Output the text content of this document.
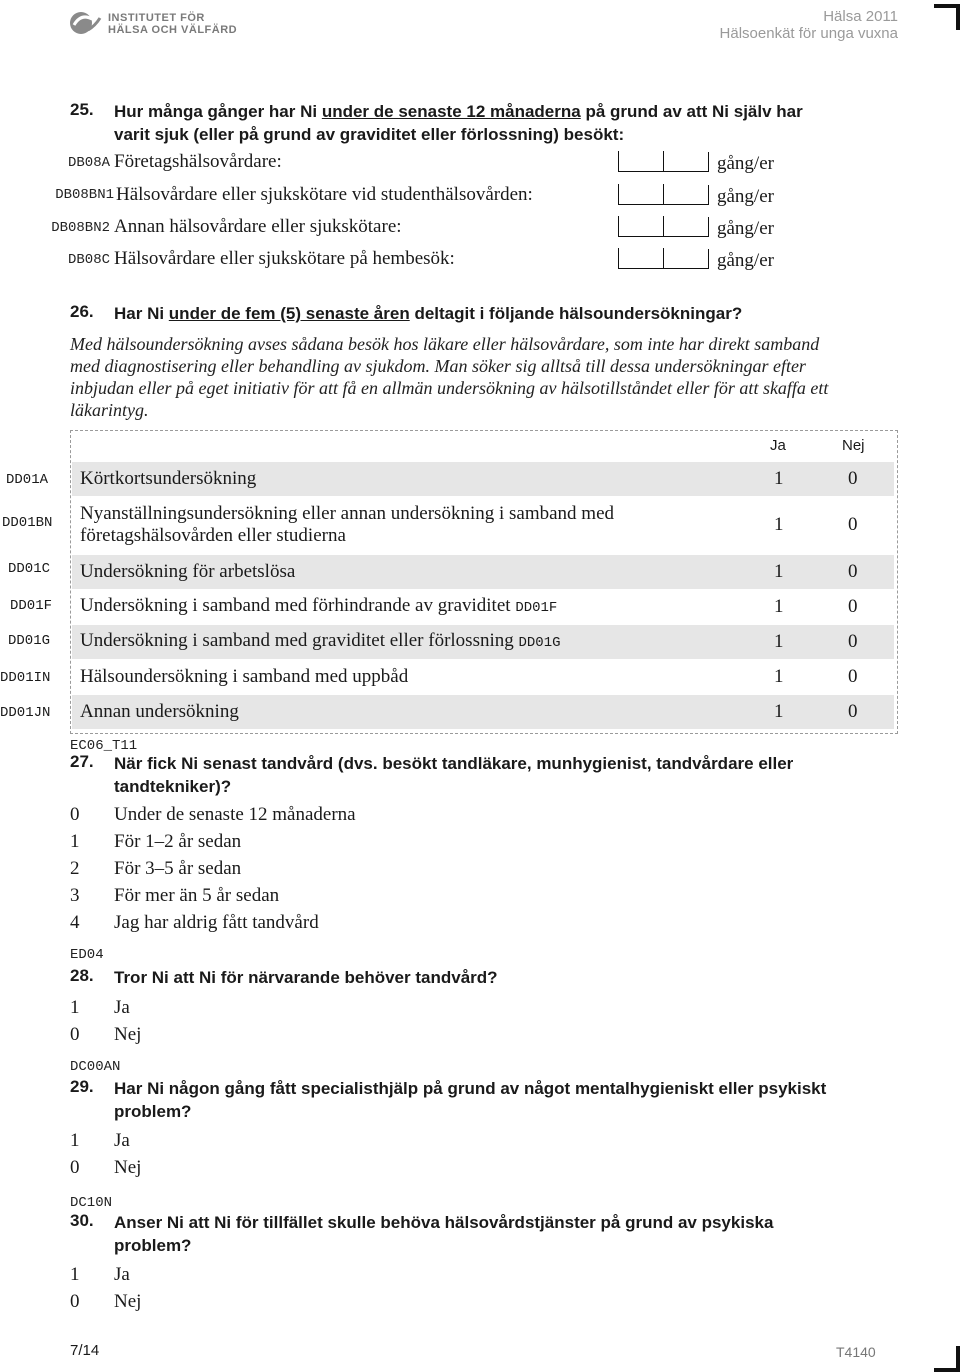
INSTITUTET FÖR
HÄLSA OCH VÄLFÄRD
Hälsa 2011
Hälsoenkät för unga vuxna
25. Hur många gånger har Ni under de senaste 12 månaderna på grund av att Ni själv har
varit sjuk (eller på grund av graviditet eller förlossning) besökt:
DB08A Företagshälsovårdare:	gång/er
DB08BN1 Hälsovårdare eller sjukskötare vid studenthälsovården:	gång/er
DB08BN2 Annan hälsovårdare eller sjukskötare:	gång/er
DB08C Hälsovårdare eller sjukskötare på hembesök:	gång/er
26. Har Ni under de fem (5) senaste åren deltagit i följande hälsoundersökningar?
Med hälsoundersökning avses sådana besök hos läkare eller hälsovårdare, som inte har direkt samband
med diagnostisering eller behandling av sjukdom. Man söker sig alltså till dessa undersökningar efter
inbjudan eller på eget initiativ för att få en allmän undersökning av hälsotillståndet eller för att skaffa ett
läkarintyg.
Ja	Nej
DD01A	Körtkortsundersökning	1	0
DD01BN	Nyanställningsundersökning eller annan undersökning i samband med
företagshälsovården eller studierna
1	0
DD01C	Undersökning för arbetslösa	1	0
DD01F	Undersökning i samband med förhindrande av graviditet DD01F	1	0
DD01G	Undersökning i samband med graviditet eller förlossning DD01G	1	0
DD01IN	Hälsoundersökning i samband med uppbåd	1	0
DD01JN	Annan undersökning	1	0
EC06_T11
27. När fick Ni senast tandvård (dvs. besökt tandläkare, munhygienist, tandvårdare eller
tandtekniker)?
0 Under de senaste 12 månaderna
1 För 1–2 år sedan
2 För 3–5 år sedan
3 För mer än 5 år sedan
4 Jag har aldrig fått tandvård
ED04
28. Tror Ni att Ni för närvarande behöver tandvård?
1 Ja
0 Nej
DC00AN
29. Har Ni någon gång fått specialisthjälp på grund av något mentalhygieniskt eller psykiskt
problem?
1 Ja
0 Nej
DC10N
30. Anser Ni att Ni för tillfället skulle behöva hälsovårdstjänster på grund av psykiska
problem?
1 Ja
0 Nej
7/14	T4140
